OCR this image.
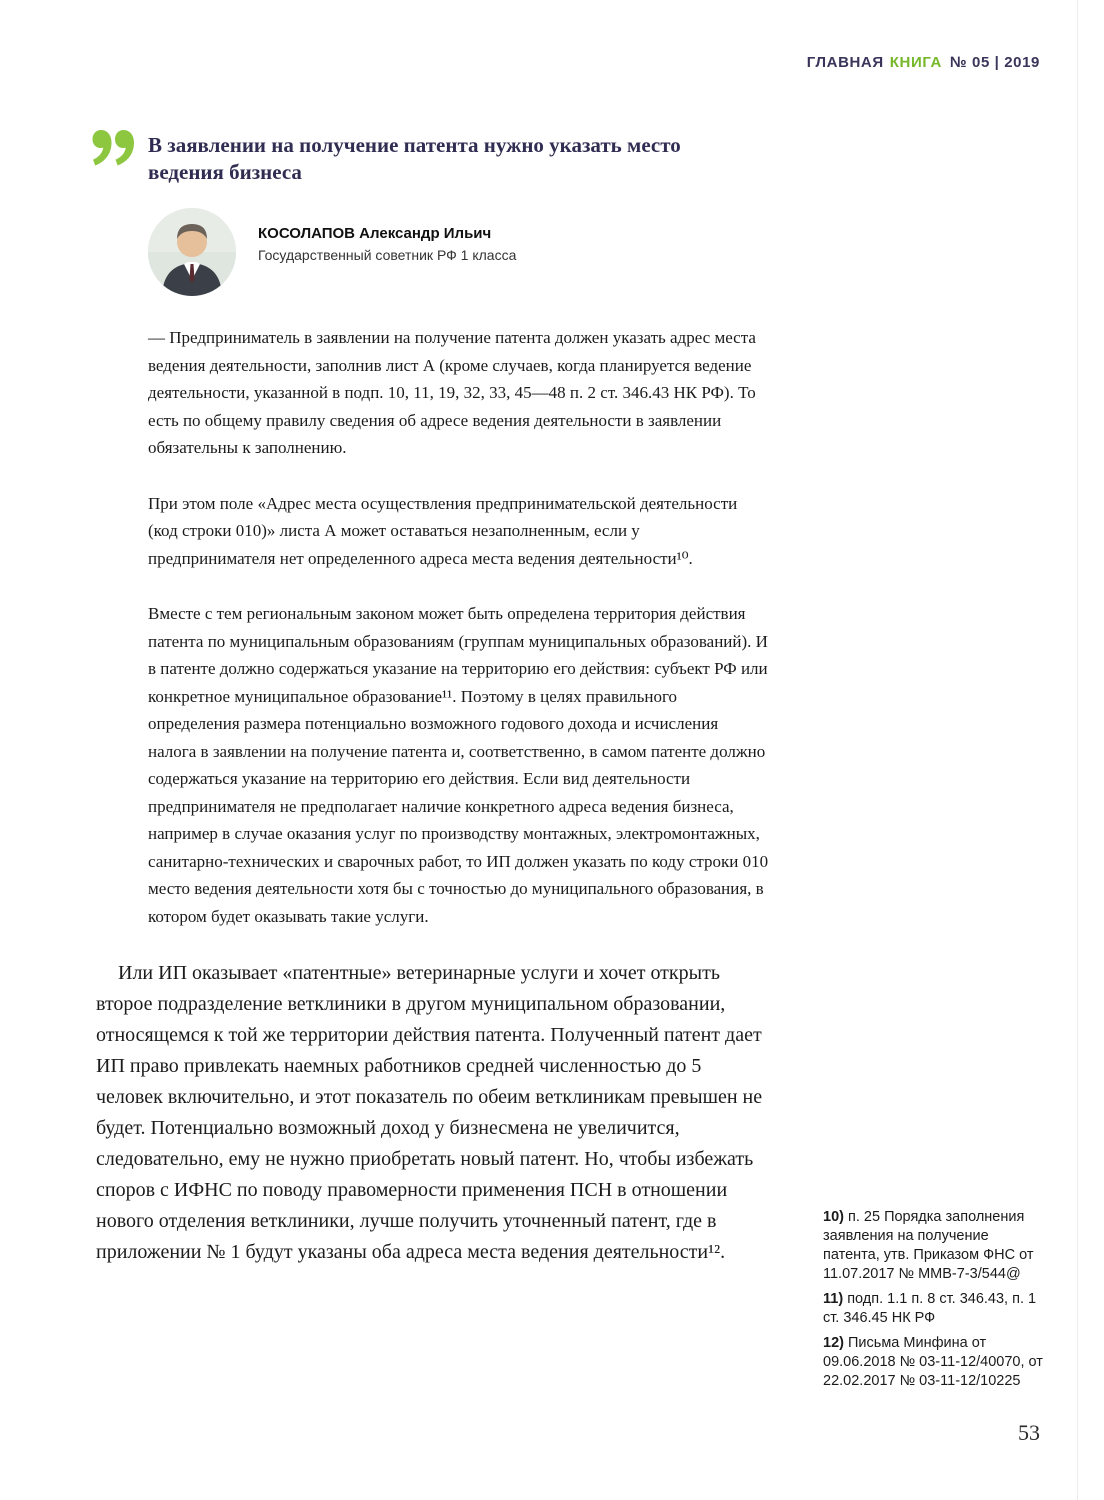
ГЛАВНАЯ КНИГА № 05 | 2019
В заявлении на получение патента нужно указать место ведения бизнеса
КОСОЛАПОВ Александр Ильич
Государственный советник РФ 1 класса

— Предприниматель в заявлении на получение патента должен указать адрес места ведения деятельности, заполнив лист А (кроме случаев, когда планируется ведение деятельности, указанной в подп. 10, 11, 19, 32, 33, 45—48 п. 2 ст. 346.43 НК РФ). То есть по общему правилу сведения об адресе ведения деятельности в заявлении обязательны к заполнению.

При этом поле «Адрес места осуществления предпринимательской деятельности (код строки 010)» листа А может оставаться незаполненным, если у предпринимателя нет определенного адреса места ведения деятельности¹⁰.

Вместе с тем региональным законом может быть определена территория действия патента по муниципальным образованиям (группам муниципальных образований). И в патенте должно содержаться указание на территорию его действия: субъект РФ или конкретное муниципальное образование¹¹. Поэтому в целях правильного определения размера потенциально возможного годового дохода и исчисления налога в заявлении на получение патента и, соответственно, в самом патенте должно содержаться указание на территорию его действия. Если вид деятельности предпринимателя не предполагает наличие конкретного адреса ведения бизнеса, например в случае оказания услуг по производству монтажных, электромонтажных, санитарно-технических и сварочных работ, то ИП должен указать по коду строки 010 место ведения деятельности хотя бы с точностью до муниципального образования, в котором будет оказывать такие услуги.

Или ИП оказывает «патентные» ветеринарные услуги и хочет открыть второе подразделение ветклиники в другом муниципальном образовании, относящемся к той же территории действия патента. Полученный патент дает ИП право привлекать наемных работников средней численностью до 5 человек включительно, и этот показатель по обеим ветклиникам превышен не будет. Потенциально возможный доход у бизнесмена не увеличится, следовательно, ему не нужно приобретать новый патент. Но, чтобы избежать споров с ИФНС по поводу правомерности применения ПСН в отношении нового отделения ветклиники, лучше получить уточненный патент, где в приложении № 1 будут указаны оба адреса места ведения деятельности¹².

10) п. 25 Порядка заполнения заявления на получение патента, утв. Приказом ФНС от 11.07.2017 № ММВ-7-3/544@
11) подп. 1.1 п. 8 ст. 346.43, п. 1 ст. 346.45 НК РФ
12) Письма Минфина от 09.06.2018 № 03-11-12/40070, от 22.02.2017 № 03-11-12/10225
53
